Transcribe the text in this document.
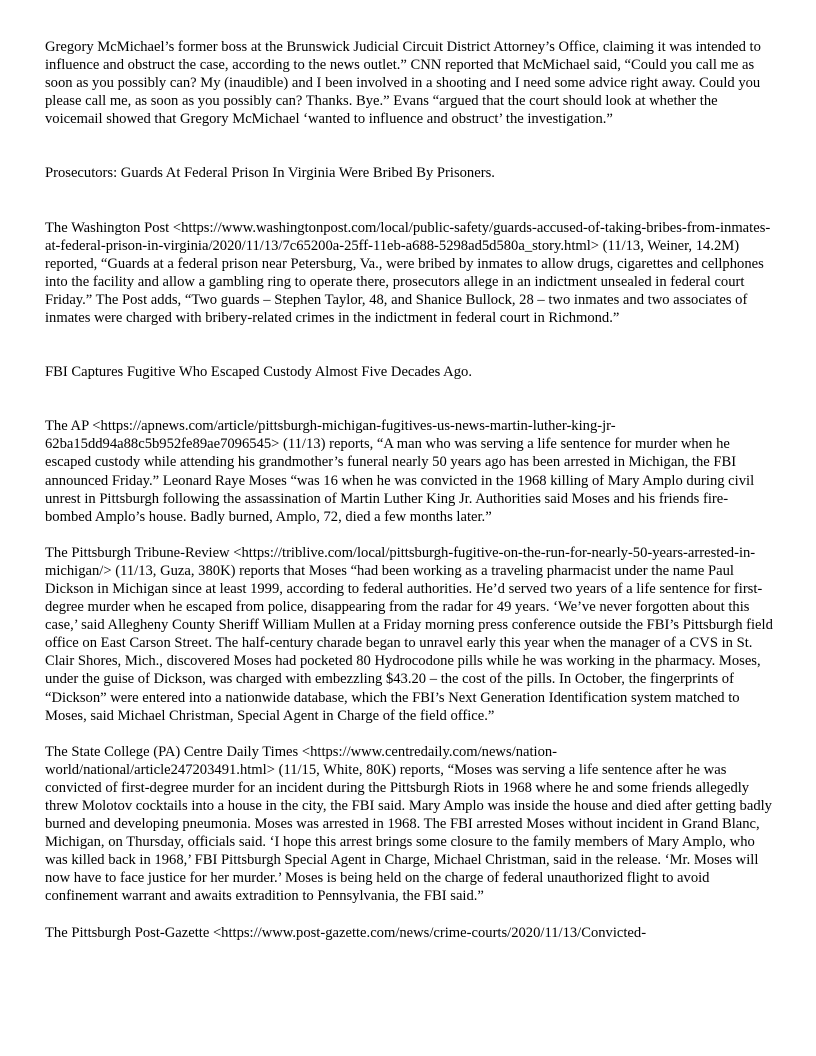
Gregory McMichael’s former boss at the Brunswick Judicial Circuit District Attorney’s Office, claiming it was intended to influence and obstruct the case, according to the news outlet.” CNN reported that McMichael said, “Could you call me as soon as you possibly can? My (inaudible) and I been involved in a shooting and I need some advice right away. Could you please call me, as soon as you possibly can? Thanks. Bye.” Evans “argued that the court should look at whether the voicemail showed that Gregory McMichael ‘wanted to influence and obstruct’ the investigation.”

Prosecutors: Guards At Federal Prison In Virginia Were Bribed By Prisoners.

The Washington Post <https://www.washingtonpost.com/local/public-safety/guards-accused-of-taking-bribes-from-inmates-at-federal-prison-in-virginia/2020/11/13/7c65200a-25ff-11eb-a688-5298ad5d580a_story.html> (11/13, Weiner, 14.2M) reported, “Guards at a federal prison near Petersburg, Va., were bribed by inmates to allow drugs, cigarettes and cellphones into the facility and allow a gambling ring to operate there, prosecutors allege in an indictment unsealed in federal court Friday.” The Post adds, “Two guards – Stephen Taylor, 48, and Shanice Bullock, 28 – two inmates and two associates of inmates were charged with bribery-related crimes in the indictment in federal court in Richmond.”

FBI Captures Fugitive Who Escaped Custody Almost Five Decades Ago.

The AP <https://apnews.com/article/pittsburgh-michigan-fugitives-us-news-martin-luther-king-jr-62ba15dd94a88c5b952fe89ae7096545> (11/13) reports, “A man who was serving a life sentence for murder when he escaped custody while attending his grandmother’s funeral nearly 50 years ago has been arrested in Michigan, the FBI announced Friday.” Leonard Raye Moses “was 16 when he was convicted in the 1968 killing of Mary Amplo during civil unrest in Pittsburgh following the assassination of Martin Luther King Jr. Authorities said Moses and his friends fire-bombed Amplo’s house. Badly burned, Amplo, 72, died a few months later.”

The Pittsburgh Tribune-Review <https://triblive.com/local/pittsburgh-fugitive-on-the-run-for-nearly-50-years-arrested-in-michigan/> (11/13, Guza, 380K) reports that Moses “had been working as a traveling pharmacist under the name Paul Dickson in Michigan since at least 1999, according to federal authorities. He’d served two years of a life sentence for first-degree murder when he escaped from police, disappearing from the radar for 49 years. ‘We’ve never forgotten about this case,’ said Allegheny County Sheriff William Mullen at a Friday morning press conference outside the FBI’s Pittsburgh field office on East Carson Street. The half-century charade began to unravel early this year when the manager of a CVS in St. Clair Shores, Mich., discovered Moses had pocketed 80 Hydrocodone pills while he was working in the pharmacy. Moses, under the guise of Dickson, was charged with embezzling $43.20 – the cost of the pills. In October, the fingerprints of “Dickson” were entered into a nationwide database, which the FBI’s Next Generation Identification system matched to Moses, said Michael Christman, Special Agent in Charge of the field office.”

The State College (PA) Centre Daily Times <https://www.centredaily.com/news/nation-world/national/article247203491.html> (11/15, White, 80K) reports, “Moses was serving a life sentence after he was convicted of first-degree murder for an incident during the Pittsburgh Riots in 1968 where he and some friends allegedly threw Molotov cocktails into a house in the city, the FBI said. Mary Amplo was inside the house and died after getting badly burned and developing pneumonia. Moses was arrested in 1968. The FBI arrested Moses without incident in Grand Blanc, Michigan, on Thursday, officials said. ‘I hope this arrest brings some closure to the family members of Mary Amplo, who was killed back in 1968,’ FBI Pittsburgh Special Agent in Charge, Michael Christman, said in the release. ‘Mr. Moses will now have to face justice for her murder.’ Moses is being held on the charge of federal unauthorized flight to avoid confinement warrant and awaits extradition to Pennsylvania, the FBI said.”

The Pittsburgh Post-Gazette <https://www.post-gazette.com/news/crime-courts/2020/11/13/Convicted-
